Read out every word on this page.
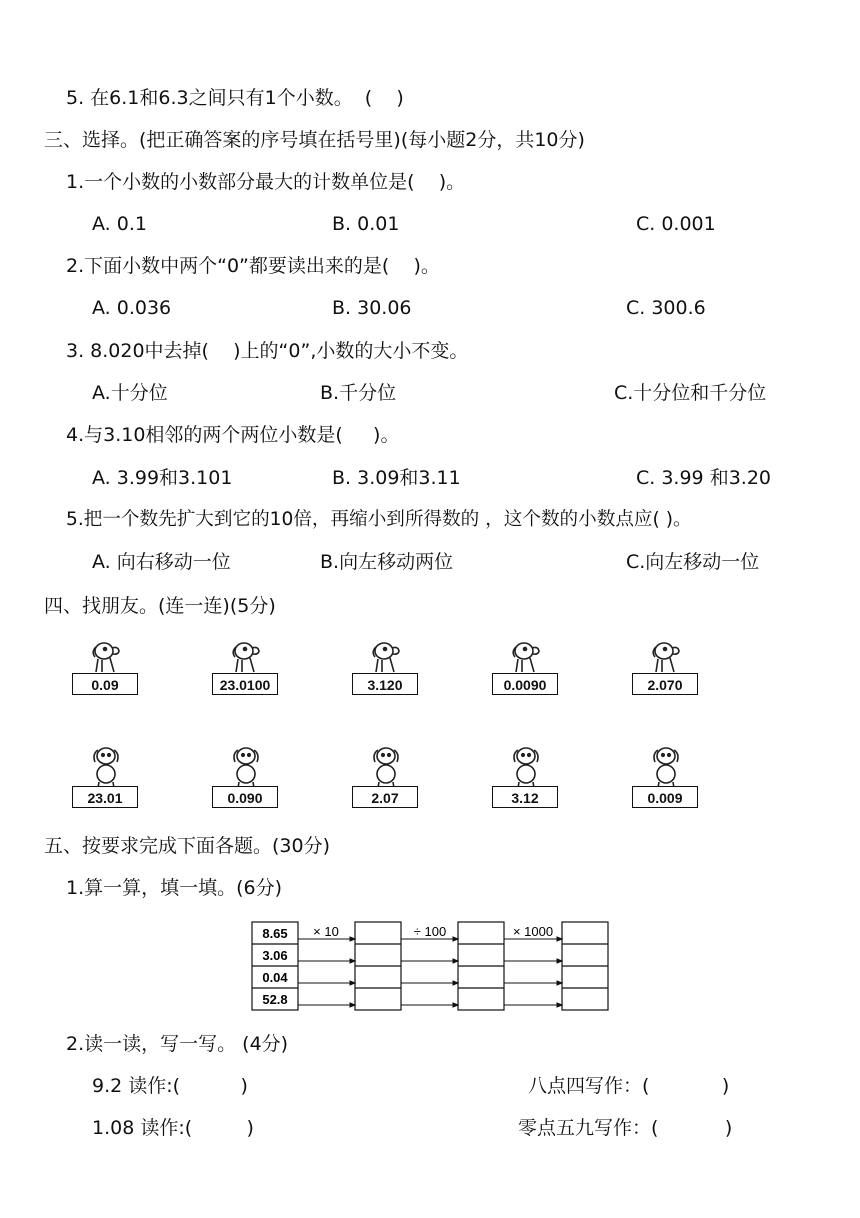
5. 在6.1和6.3之间只有1个小数。  (    )
三、选择。(把正确答案的序号填在括号里)(每小题2分，共10分)
1.一个小数的小数部分最大的计数单位是(    )。
A. 0.1	B. 0.01	C. 0.001
2.下面小数中两个“0”都要读出来的是(    )。
A. 0.036	B. 30.06	C. 300.6
3. 8.020中去掉(    )上的“0”,小数的大小不变。
A.十分位	B.千分位	C.十分位和千分位
4.与3.10相邻的两个两位小数是(     )。
A. 3.99和3.101	B. 3.09和3.11	C. 3.99 和3.20
5.把一个数先扩大到它的10倍，再缩小到所得数的 ，这个数的小数点应( )。
A. 向右移动一位	B.向左移动两位	C.向左移动一位
四、找朋友。(连一连)(5分)
0.09	23.0100	3.120	0.0090	2.070
23.01	0.090	2.07	3.12	0.009
五、按要求完成下面各题。(30分)
1.算一算，填一填。(6分)
8.65
3.06
0.04
52.8
× 10	÷ 100	× 1000
2.读一读，写一写。 (4分)
9.2 读作:(          )	八点四写作：(            )
1.08 读作:(         )	零点五九写作：(           )
